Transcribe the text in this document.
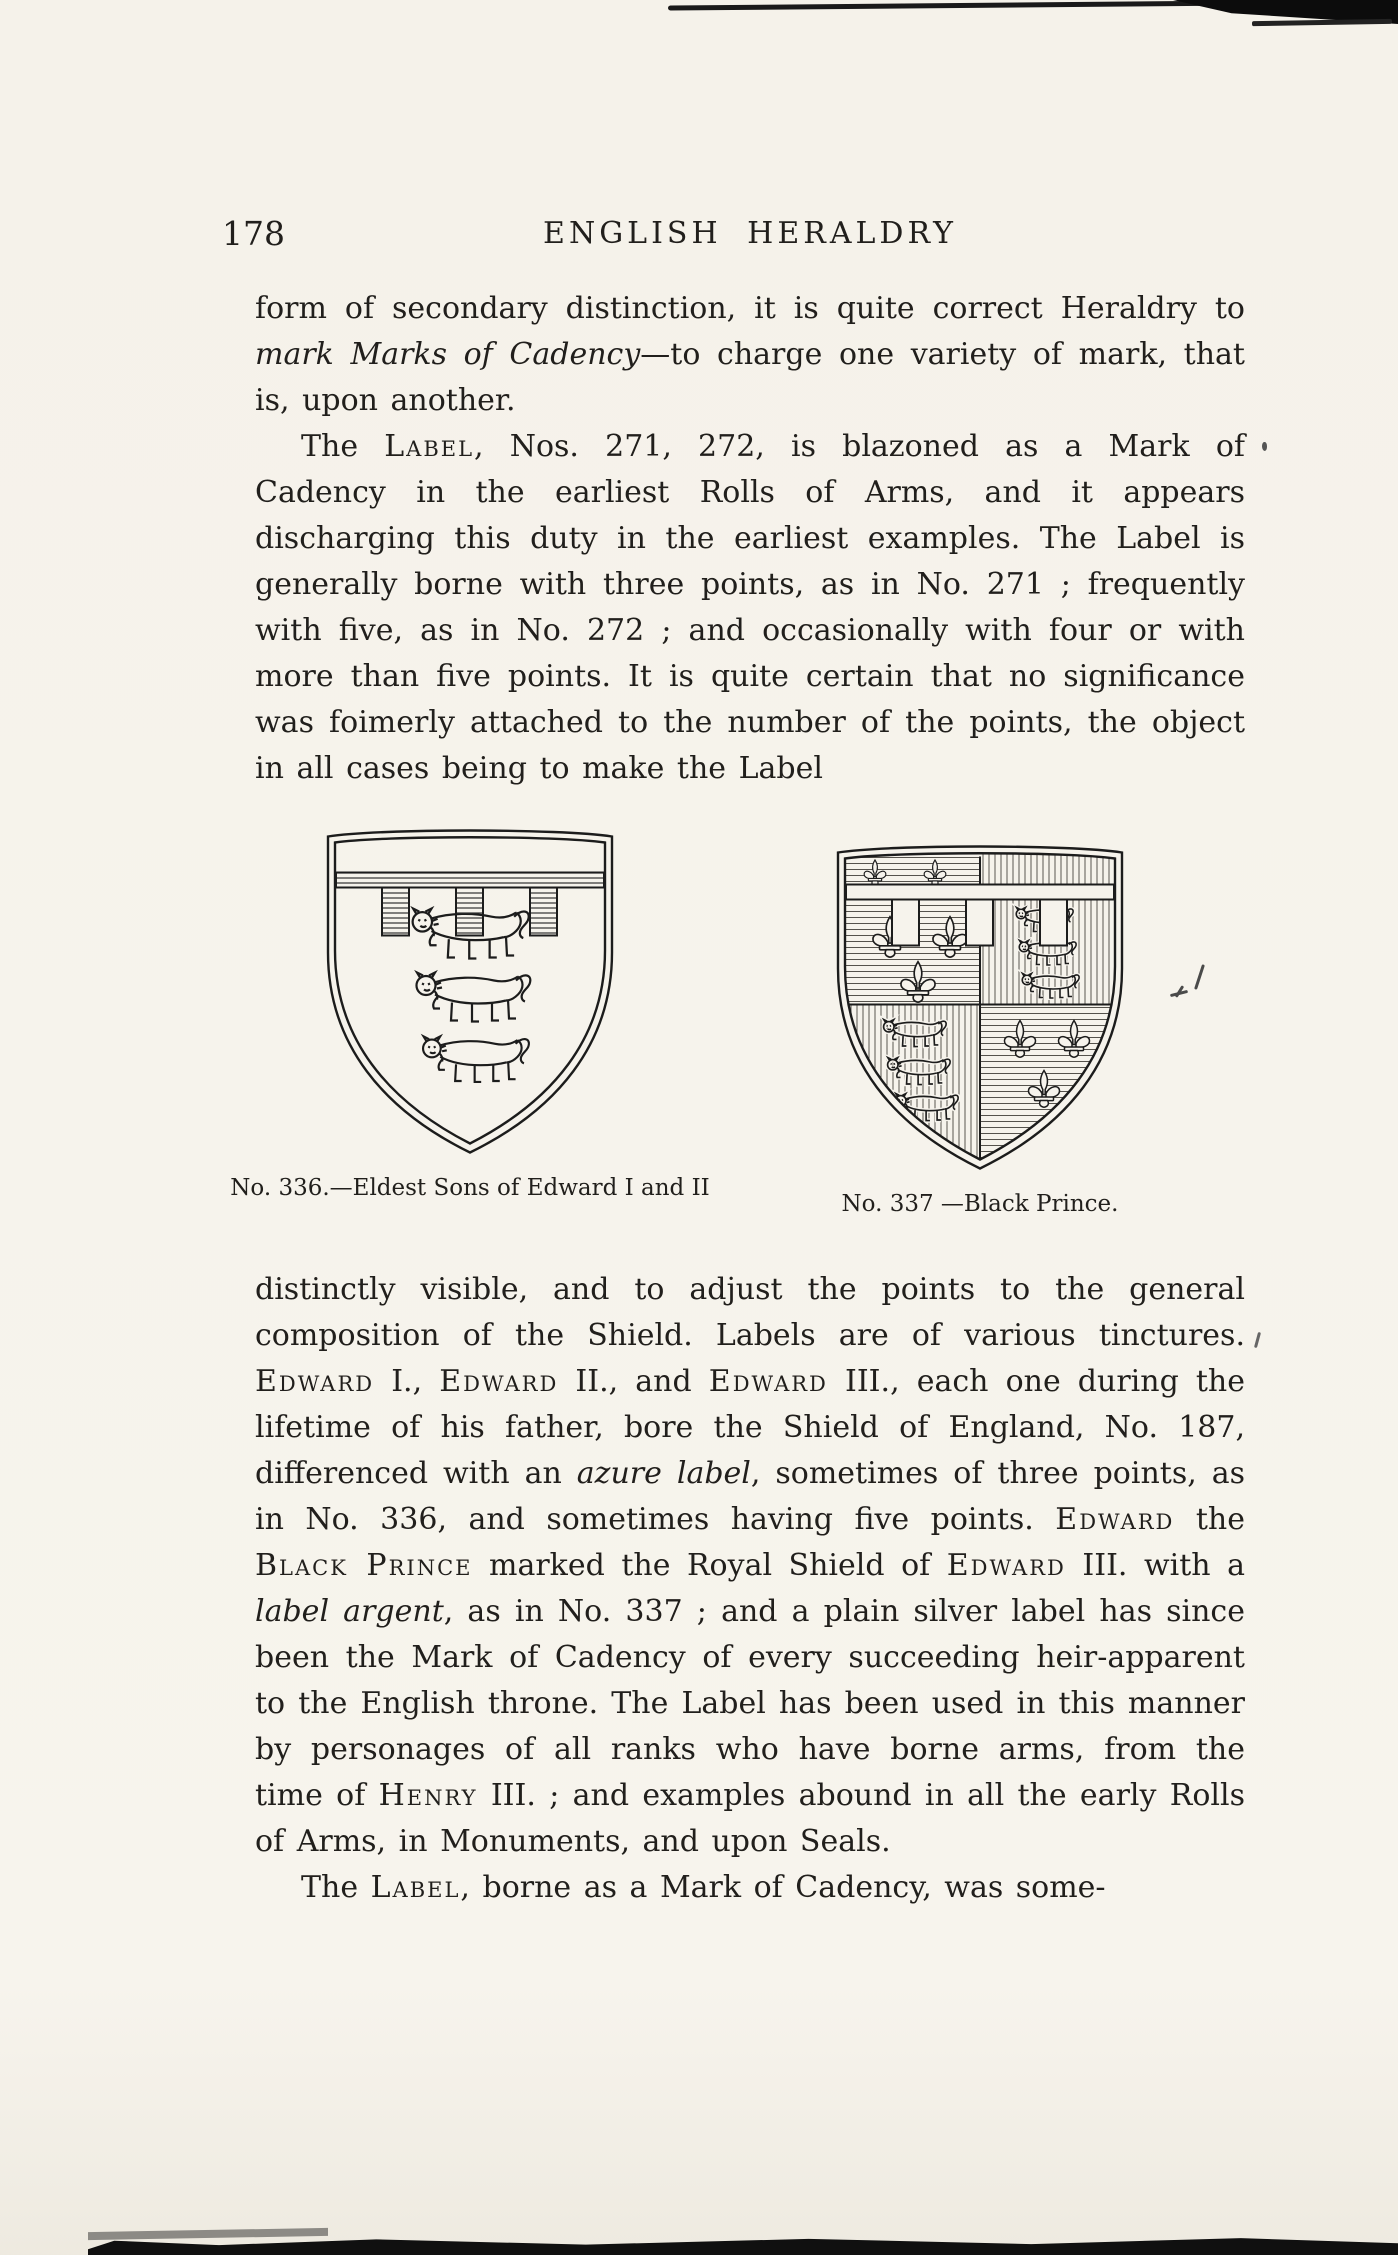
178	ENGLISH HERALDRY

form of secondary distinction, it is quite correct Heraldry to mark Marks of Cadency—to charge one variety of mark, that is, upon another.

The Label, Nos. 271, 272, is blazoned as a Mark of Cadency in the earliest Rolls of Arms, and it appears discharging this duty in the earliest examples. The Label is generally borne with three points, as in No. 271 ; frequently with five, as in No. 272 ; and occasionally with four or with more than five points. It is quite certain that no significance was foimerly attached to the number of the points, the object in all cases being to make the Label

No. 336.—Eldest Sons of Edward I and II
No. 337 —Black Prince.

distinctly visible, and to adjust the points to the general composition of the Shield. Labels are of various tinctures. Edward I., Edward II., and Edward III., each one during the lifetime of his father, bore the Shield of England, No. 187, differenced with an azure label, sometimes of three points, as in No. 336, and sometimes having five points. Edward the Black Prince marked the Royal Shield of Edward III. with a label argent, as in No. 337 ; and a plain silver label has since been the Mark of Cadency of every succeeding heir-apparent to the English throne. The Label has been used in this manner by personages of all ranks who have borne arms, from the time of Henry III. ; and examples abound in all the early Rolls of Arms, in Monuments, and upon Seals.

The Label, borne as a Mark of Cadency, was some-
